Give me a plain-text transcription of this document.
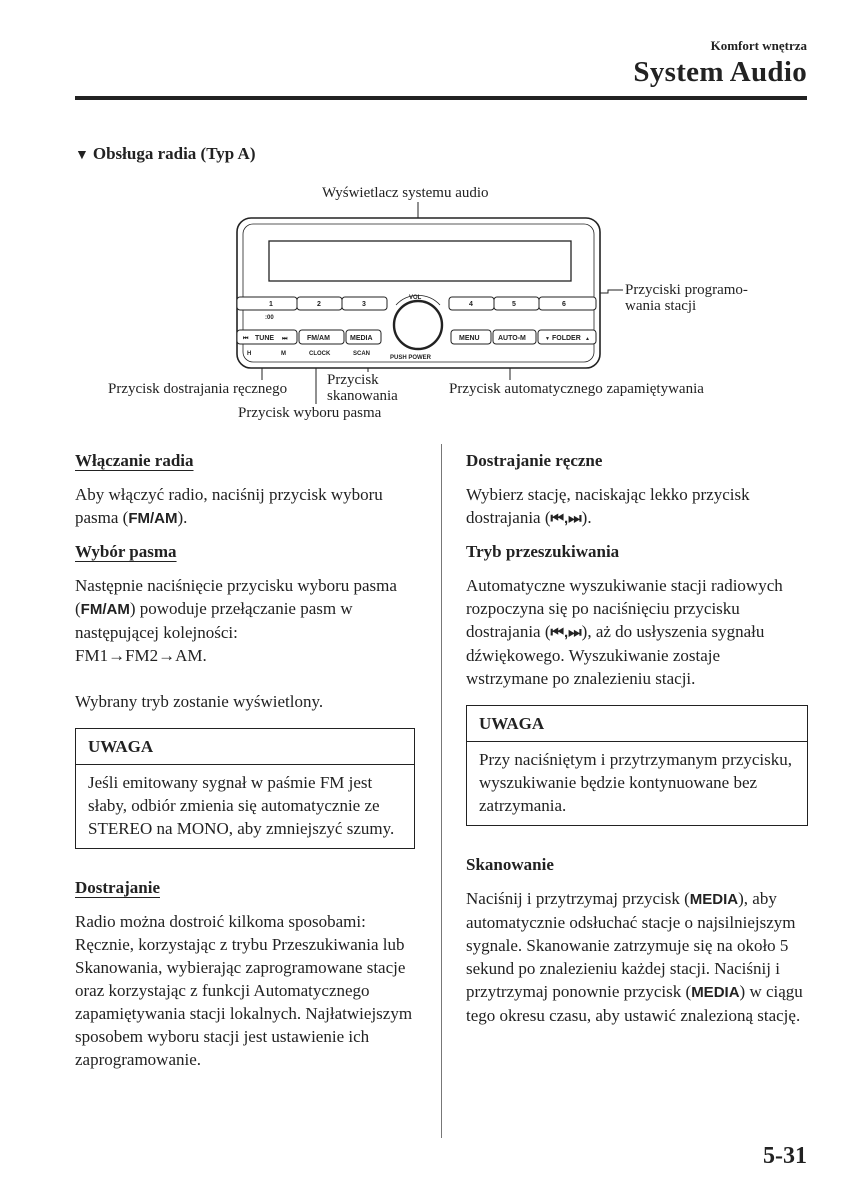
Komfort wnętrza
System Audio
▼ Obsługa radia (Typ A)
Wyświetlacz systemu audio
Przyciski programo-
wania stacji
Przycisk dostrajania ręcznego
Przycisk
skanowania
Przycisk wyboru pasma
Przycisk automatycznego zapamiętywania
1	2	3	4	5	6
:00
VOL
⏮ TUNE ⏭	FM/AM	MEDIA	MENU	AUTO-M	▼ FOLDER ▲
H	M	CLOCK	SCAN
PUSH POWER

Włączanie radia

Aby włączyć radio, naciśnij przycisk wyboru pasma (FM/AM).

Wybór pasma

Następnie naciśnięcie przycisku wyboru pasma (FM/AM) powoduje przełączanie pasm w następującej kolejności:
FM1→FM2→AM.

Wybrany tryb zostanie wyświetlony.

UWAGA
Jeśli emitowany sygnał w paśmie FM jest słaby, odbiór zmienia się automatycznie ze STEREO na MONO, aby zmniejszyć szumy.

Dostrajanie

Radio można dostroić kilkoma sposobami: Ręcznie, korzystając z trybu Przeszukiwania lub Skanowania, wybierając zaprogramowane stacje oraz korzystając z funkcji Automatycznego zapamiętywania stacji lokalnych. Najłatwiejszym sposobem wyboru stacji jest ustawienie ich zaprogramowanie.

Dostrajanie ręczne

Wybierz stację, naciskając lekko przycisk dostrajania (⏮,⏭).

Tryb przeszukiwania

Automatyczne wyszukiwanie stacji radiowych rozpoczyna się po naciśnięciu przycisku dostrajania (⏮,⏭), aż do usłyszenia sygnału dźwiękowego. Wyszukiwanie zostaje wstrzymane po znalezieniu stacji.

UWAGA
Przy naciśniętym i przytrzymanym przycisku, wyszukiwanie będzie kontynuowane bez zatrzymania.

Skanowanie

Naciśnij i przytrzymaj przycisk (MEDIA), aby automatycznie odsłuchać stacje o najsilniejszym sygnale. Skanowanie zatrzymuje się na około 5 sekund po znalezieniu każdej stacji. Naciśnij i przytrzymaj ponownie przycisk (MEDIA) w ciągu tego okresu czasu, aby ustawić znalezioną stację.

5-31
